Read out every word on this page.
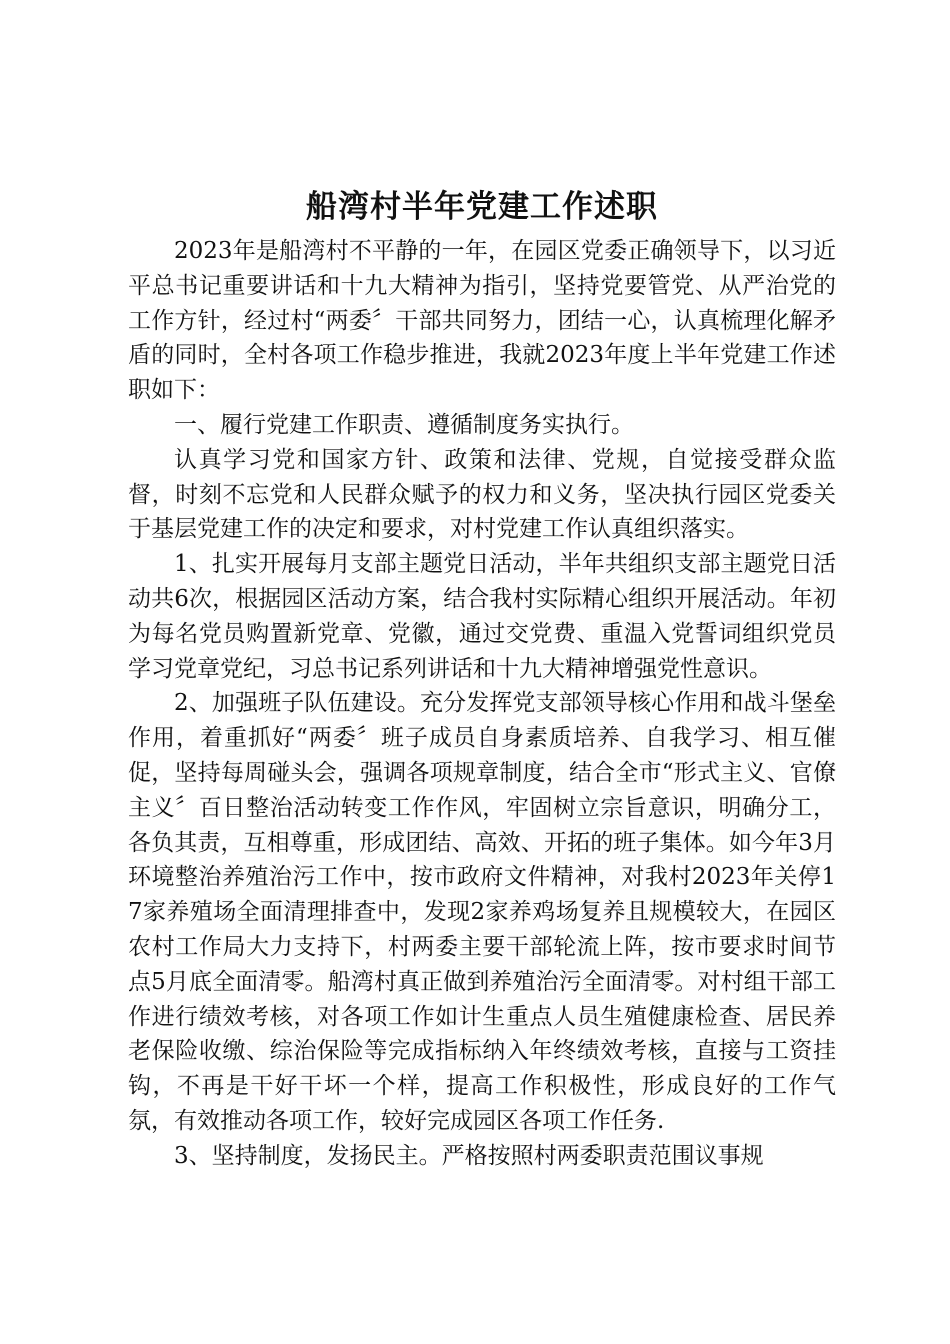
船湾村半年党建工作述职

2023年是船湾村不平静的一年，在园区党委正确领导下，以习近平总书记重要讲话和十九大精神为指引，坚持党要管党、从严治党的工作方针，经过村“两委〞干部共同努力，团结一心，认真梳理化解矛盾的同时，全村各项工作稳步推进，我就2023年度上半年党建工作述职如下：

一、履行党建工作职责、遵循制度务实执行。

认真学习党和国家方针、政策和法律、党规，自觉接受群众监督，时刻不忘党和人民群众赋予的权力和义务，坚决执行园区党委关于基层党建工作的决定和要求，对村党建工作认真组织落实。

1、扎实开展每月支部主题党日活动，半年共组织支部主题党日活动共6次，根据园区活动方案，结合我村实际精心组织开展活动。年初为每名党员购置新党章、党徽，通过交党费、重温入党誓词组织党员学习党章党纪，习总书记系列讲话和十九大精神增强党性意识。

2、加强班子队伍建设。充分发挥党支部领导核心作用和战斗堡垒作用，着重抓好“两委〞班子成员自身素质培养、自我学习、相互催促，坚持每周碰头会，强调各项规章制度，结合全市“形式主义、官僚主义〞百日整治活动转变工作作风，牢固树立宗旨意识，明确分工，各负其责，互相尊重，形成团结、高效、开拓的班子集体。如今年3月环境整治养殖治污工作中，按市政府文件精神，对我村2023年关停17家养殖场全面清理排查中，发现2家养鸡场复养且规模较大，在园区农村工作局大力支持下，村两委主要干部轮流上阵，按市要求时间节点5月底全面清零。船湾村真正做到养殖治污全面清零。对村组干部工作进行绩效考核，对各项工作如计生重点人员生殖健康检查、居民养老保险收缴、综治保险等完成指标纳入年终绩效考核，直接与工资挂钩，不再是干好干坏一个样，提高工作积极性，形成良好的工作气氛，有效推动各项工作，较好完成园区各项工作任务.

3、坚持制度，发扬民主。严格按照村两委职责范围议事规
